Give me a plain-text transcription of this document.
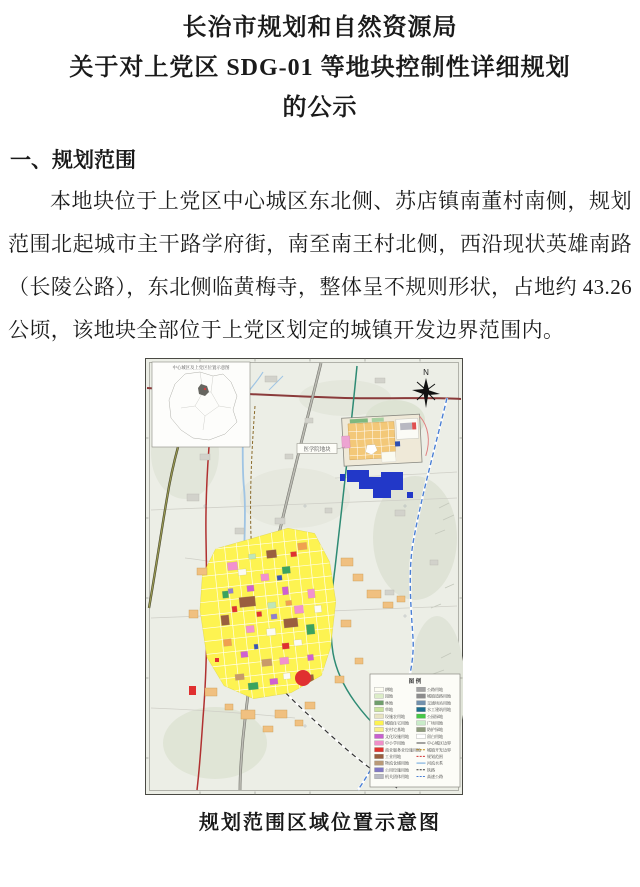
长治市规划和自然资源局
关于对上党区 SDG-01 等地块控制性详细规划
的公示
一、规划范围

本地块位于上党区中心城区东北侧、苏店镇南董村南侧，规划范围北起城市主干路学府街，南至南王村北侧，西沿现状英雄南路（长陵公路），东北侧临黄梅寺，整体呈不规则形状，占地约 43.26 公顷，该地块全部位于上党区划定的城镇开发边界范围内。

医学院地块
中心城区及上党区位置示意图
N
图 例
耕地
园地
林地
草地
设施农用地
城镇住宅用地
农村宅基地
文化设施用地
中小学用地
商业服务业设施用地
工业用地
物流仓储用地
公用设施用地
机关团体用地
公路用地
城镇道路用地
交通场站用地
水工建筑用地
公园绿地
广场用地
防护绿地
留白用地
中心城区边界
城镇开发边界
规划范围
河流水系
铁路
高速公路
规划范围区域位置示意图
